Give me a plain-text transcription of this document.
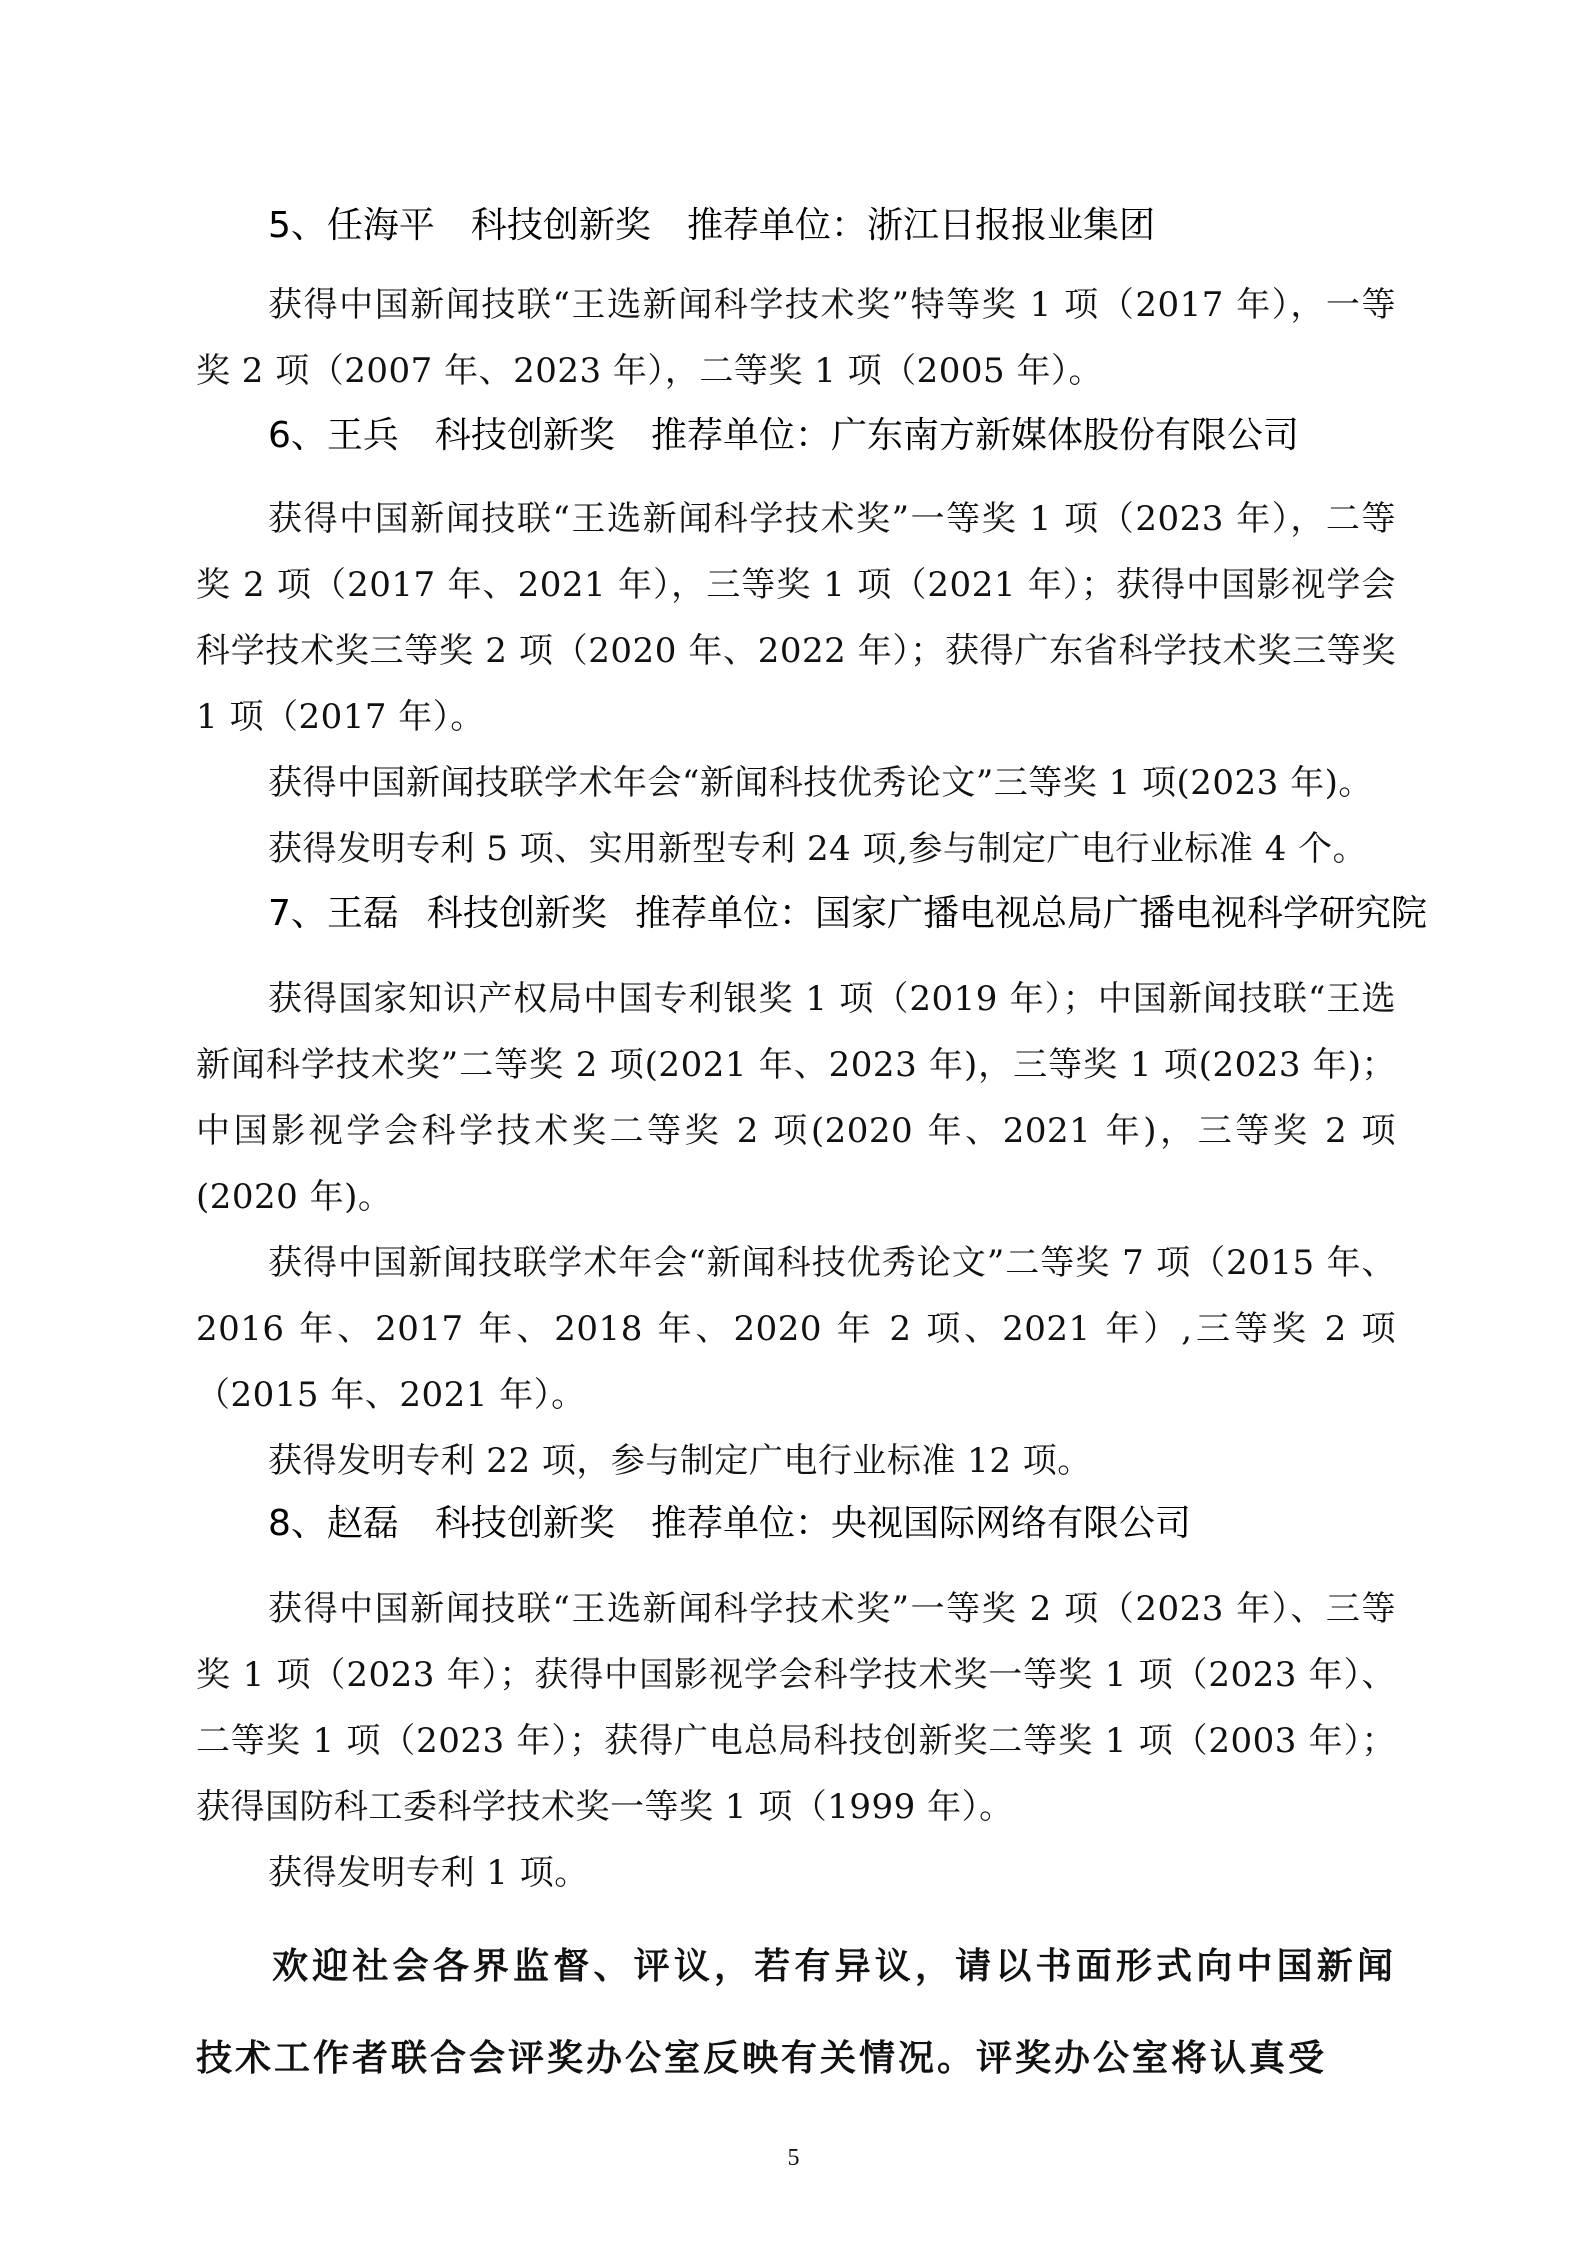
5、任海平 科技创新奖 推荐单位：浙江日报报业集团
获得中国新闻技联“王选新闻科学技术奖”特等奖 1 项（2017 年），一等奖 2 项（2007 年、2023 年），二等奖 1 项（2005 年）。
6、王兵 科技创新奖 推荐单位：广东南方新媒体股份有限公司
获得中国新闻技联“王选新闻科学技术奖”一等奖 1 项（2023 年），二等奖 2 项（2017 年、2021 年），三等奖 1 项（2021 年）；获得中国影视学会科学技术奖三等奖 2 项（2020 年、2022 年）；获得广东省科学技术奖三等奖 1 项（2017 年）。
获得中国新闻技联学术年会“新闻科技优秀论文”三等奖 1 项(2023 年)。
获得发明专利 5 项、实用新型专利 24 项,参与制定广电行业标准 4 个。
7、王磊 科技创新奖 推荐单位：国家广播电视总局广播电视科学研究院
获得国家知识产权局中国专利银奖 1 项（2019 年）；中国新闻技联“王选新闻科学技术奖”二等奖 2 项(2021 年、2023 年)，三等奖 1 项(2023 年)；中国影视学会科学技术奖二等奖 2 项(2020 年、2021 年)，三等奖 2 项(2020 年)。
获得中国新闻技联学术年会“新闻科技优秀论文”二等奖 7 项（2015 年、2016 年、2017 年、2018 年、2020 年 2 项、2021 年）,三等奖 2 项（2015 年、2021 年）。
获得发明专利 22 项，参与制定广电行业标准 12 项。
8、赵磊 科技创新奖 推荐单位：央视国际网络有限公司
获得中国新闻技联“王选新闻科学技术奖”一等奖 2 项（2023 年）、三等奖 1 项（2023 年）；获得中国影视学会科学技术奖一等奖 1 项（2023 年）、二等奖 1 项（2023 年）；获得广电总局科技创新奖二等奖 1 项（2003 年）；获得国防科工委科学技术奖一等奖 1 项（1999 年）。
获得发明专利 1 项。
欢迎社会各界监督、评议，若有异议，请以书面形式向中国新闻技术工作者联合会评奖办公室反映有关情况。评奖办公室将认真受
5
